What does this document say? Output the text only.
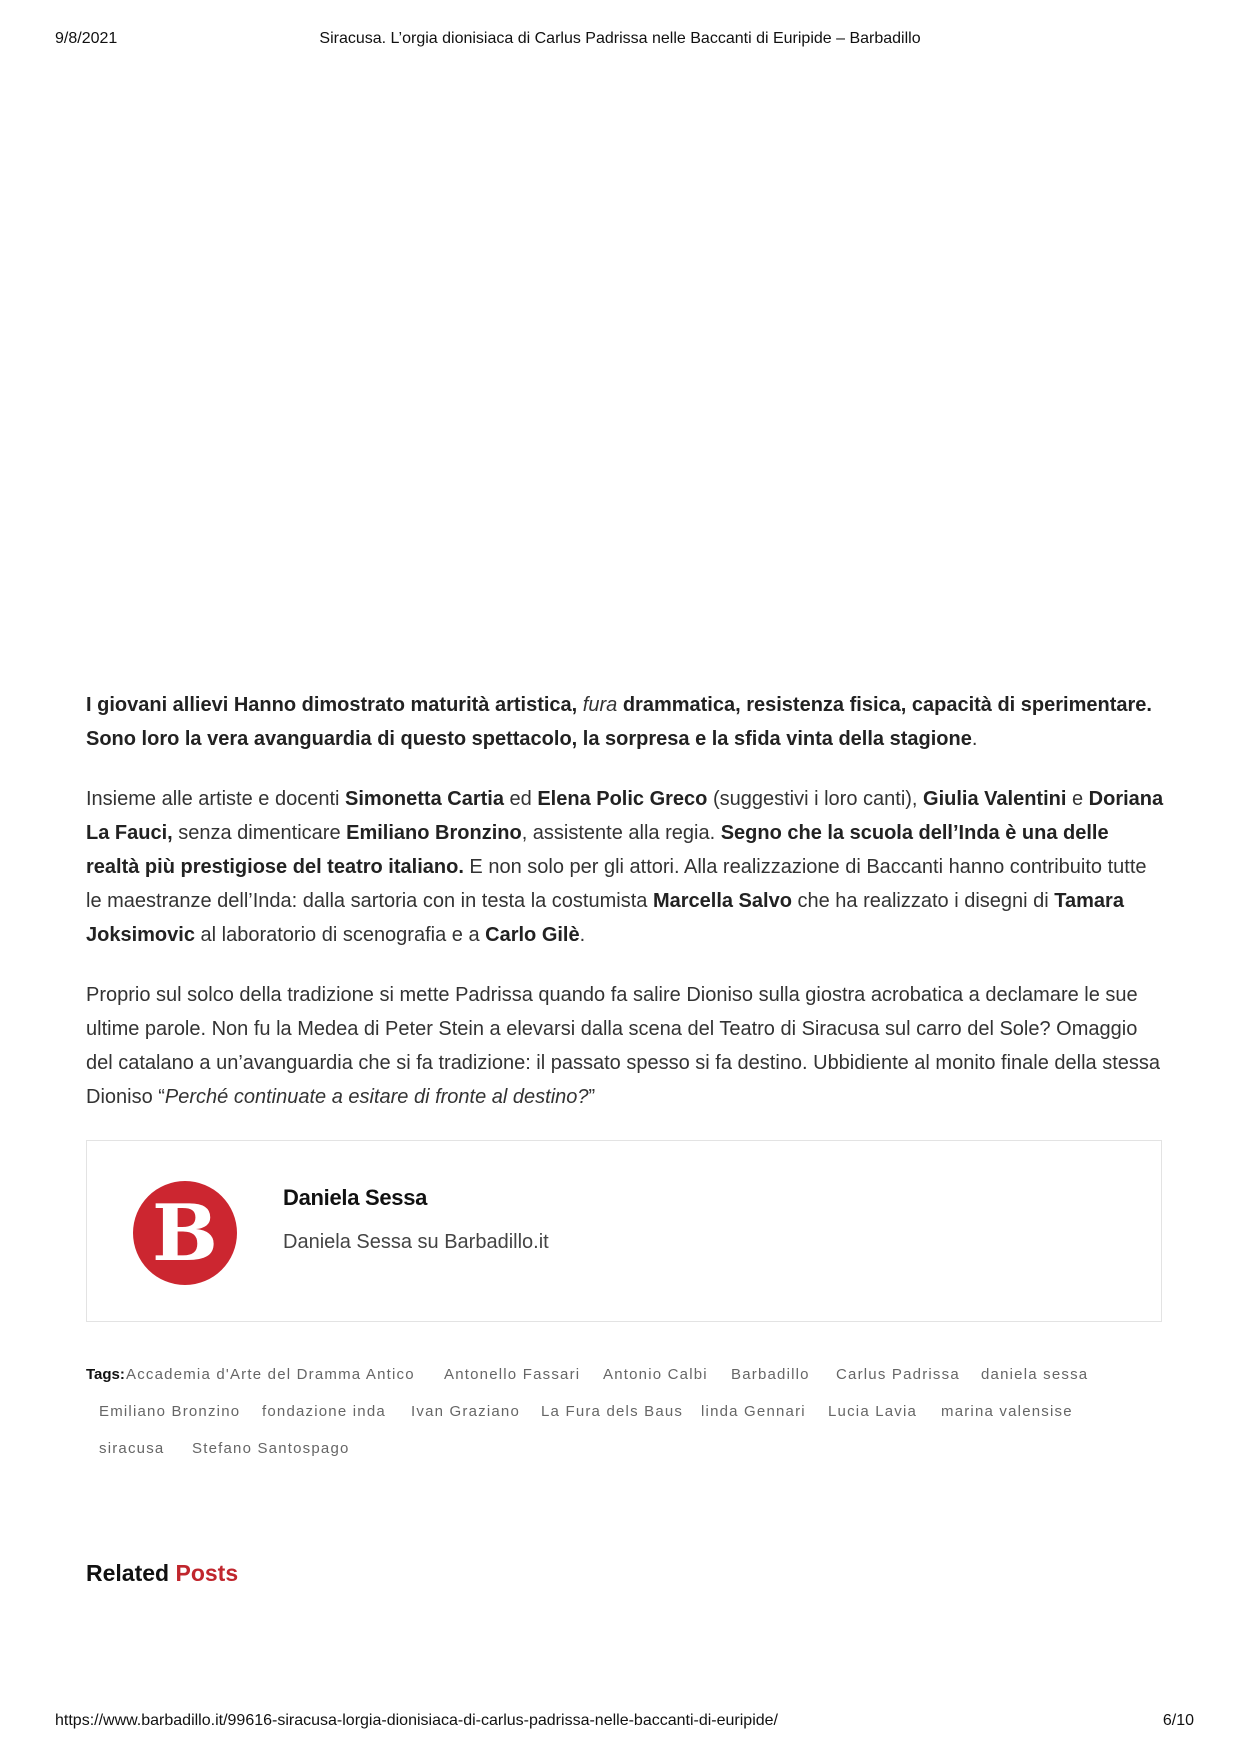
9/8/2021	Siracusa. L’orgia dionisiaca di Carlus Padrissa nelle Baccanti di Euripide – Barbadillo

I giovani allievi Hanno dimostrato maturità artistica, fura drammatica, resistenza fisica, capacità di sperimentare. Sono loro la vera avanguardia di questo spettacolo, la sorpresa e la sfida vinta della stagione.

Insieme alle artiste e docenti Simonetta Cartia ed Elena Polic Greco (suggestivi i loro canti), Giulia Valentini e Doriana La Fauci, senza dimenticare Emiliano Bronzino, assistente alla regia. Segno che la scuola dell’Inda è una delle realtà più prestigiose del teatro italiano. E non solo per gli attori. Alla realizzazione di Baccanti hanno contribuito tutte le maestranze dell’Inda: dalla sartoria con in testa la costumista Marcella Salvo che ha realizzato i disegni di Tamara Joksimovic al laboratorio di scenografia e a Carlo Gilè.

Proprio sul solco della tradizione si mette Padrissa quando fa salire Dioniso sulla giostra acrobatica a declamare le sue ultime parole. Non fu la Medea di Peter Stein a elevarsi dalla scena del Teatro di Siracusa sul carro del Sole? Omaggio del catalano a un’avanguardia che si fa tradizione: il passato spesso si fa destino. Ubbidiente al monito finale della stessa Dioniso “Perché continuate a esitare di fronte al destino?”

B	Daniela Sessa
Daniela Sessa su Barbadillo.it
Tags: Accademia d'Arte del Dramma Antico Antonello Fassari Antonio Calbi Barbadillo Carlus Padrissa daniela sessa
Emiliano Bronzino fondazione inda Ivan Graziano La Fura dels Baus linda Gennari Lucia Lavia marina valensise
siracusa Stefano Santospago
Related Posts
https://www.barbadillo.it/99616-siracusa-lorgia-dionisiaca-di-carlus-padrissa-nelle-baccanti-di-euripide/	6/10
